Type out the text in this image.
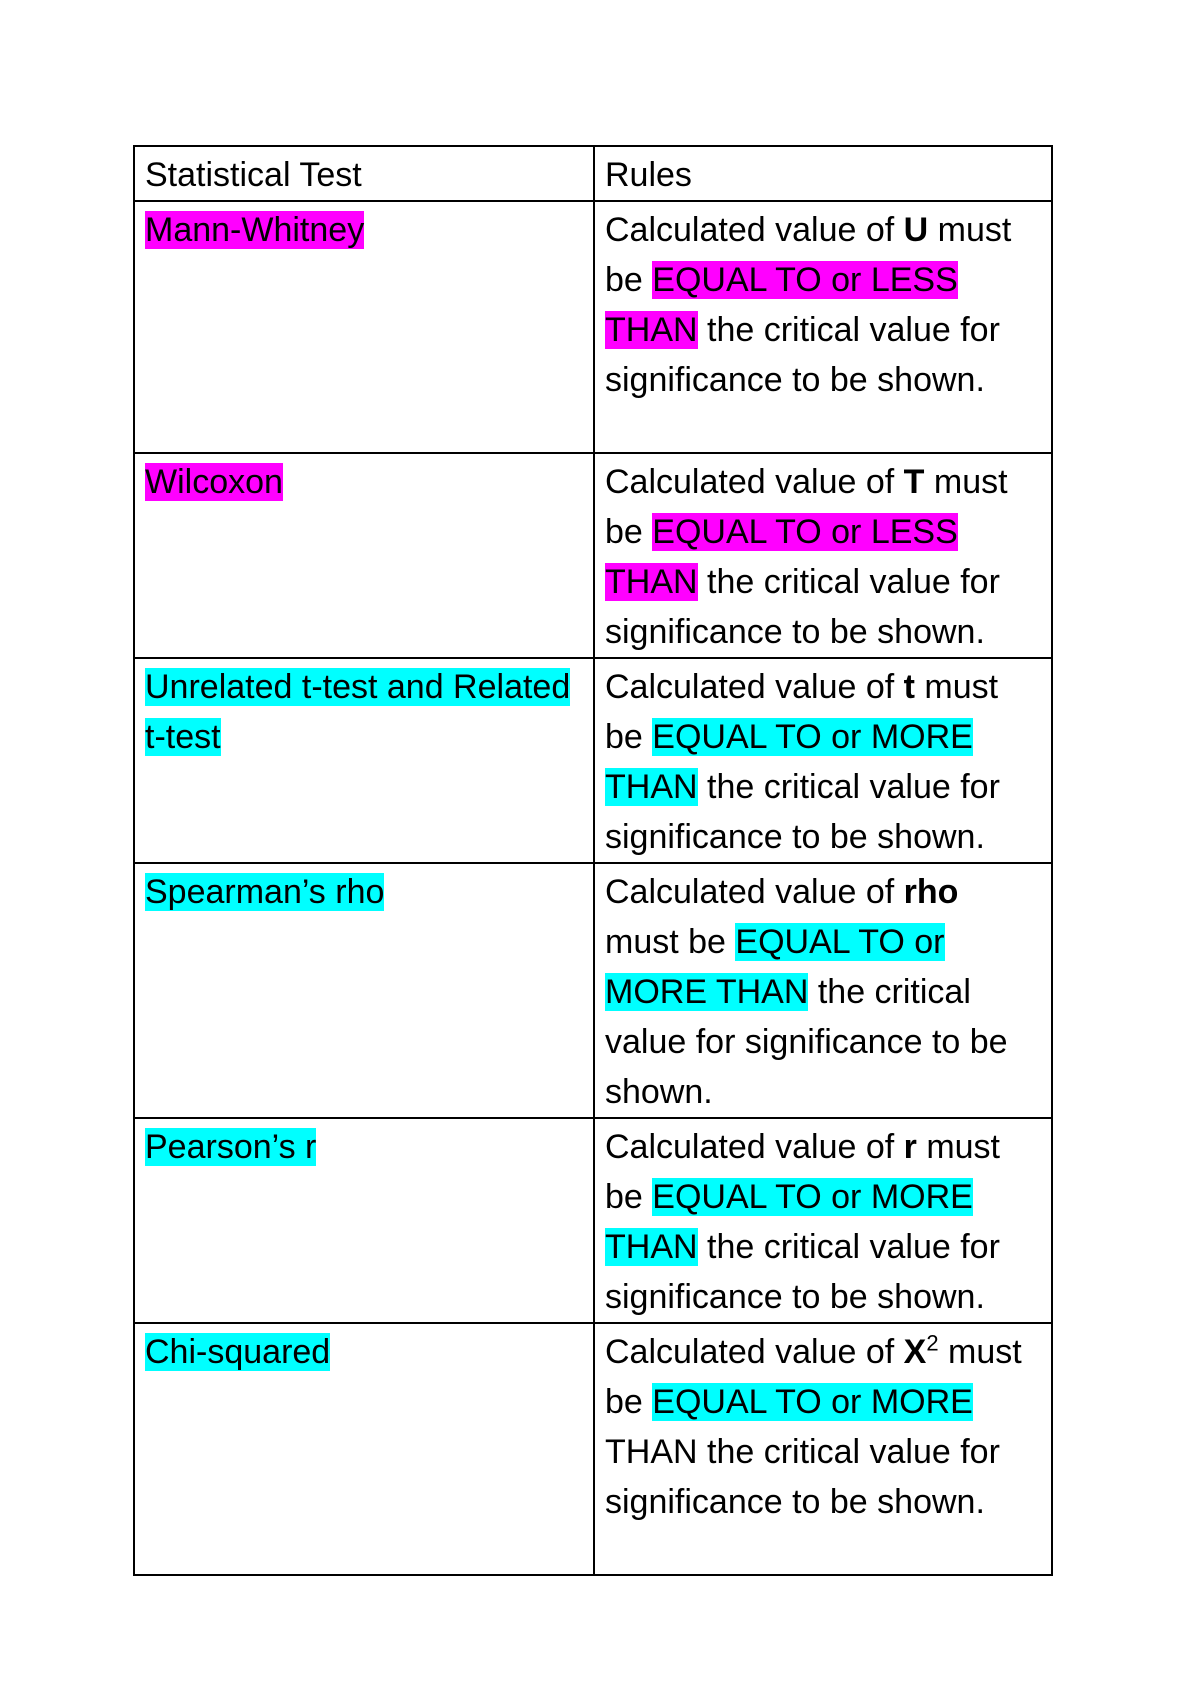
Statistical Test	Rules
Mann-Whitney	Calculated value of U must be EQUAL TO or LESS THAN the critical value for significance to be shown.
Wilcoxon	Calculated value of T must be EQUAL TO or LESS THAN the critical value for significance to be shown.
Unrelated t-test and Related t-test	Calculated value of t must be EQUAL TO or MORE THAN the critical value for significance to be shown.
Spearman’s rho	Calculated value of rho must be EQUAL TO or MORE THAN the critical value for significance to be shown.
Pearson’s r	Calculated value of r must be EQUAL TO or MORE THAN the critical value for significance to be shown.
Chi-squared	Calculated value of $X^2$ must be EQUAL TO or MORE THAN the critical value for significance to be shown.
